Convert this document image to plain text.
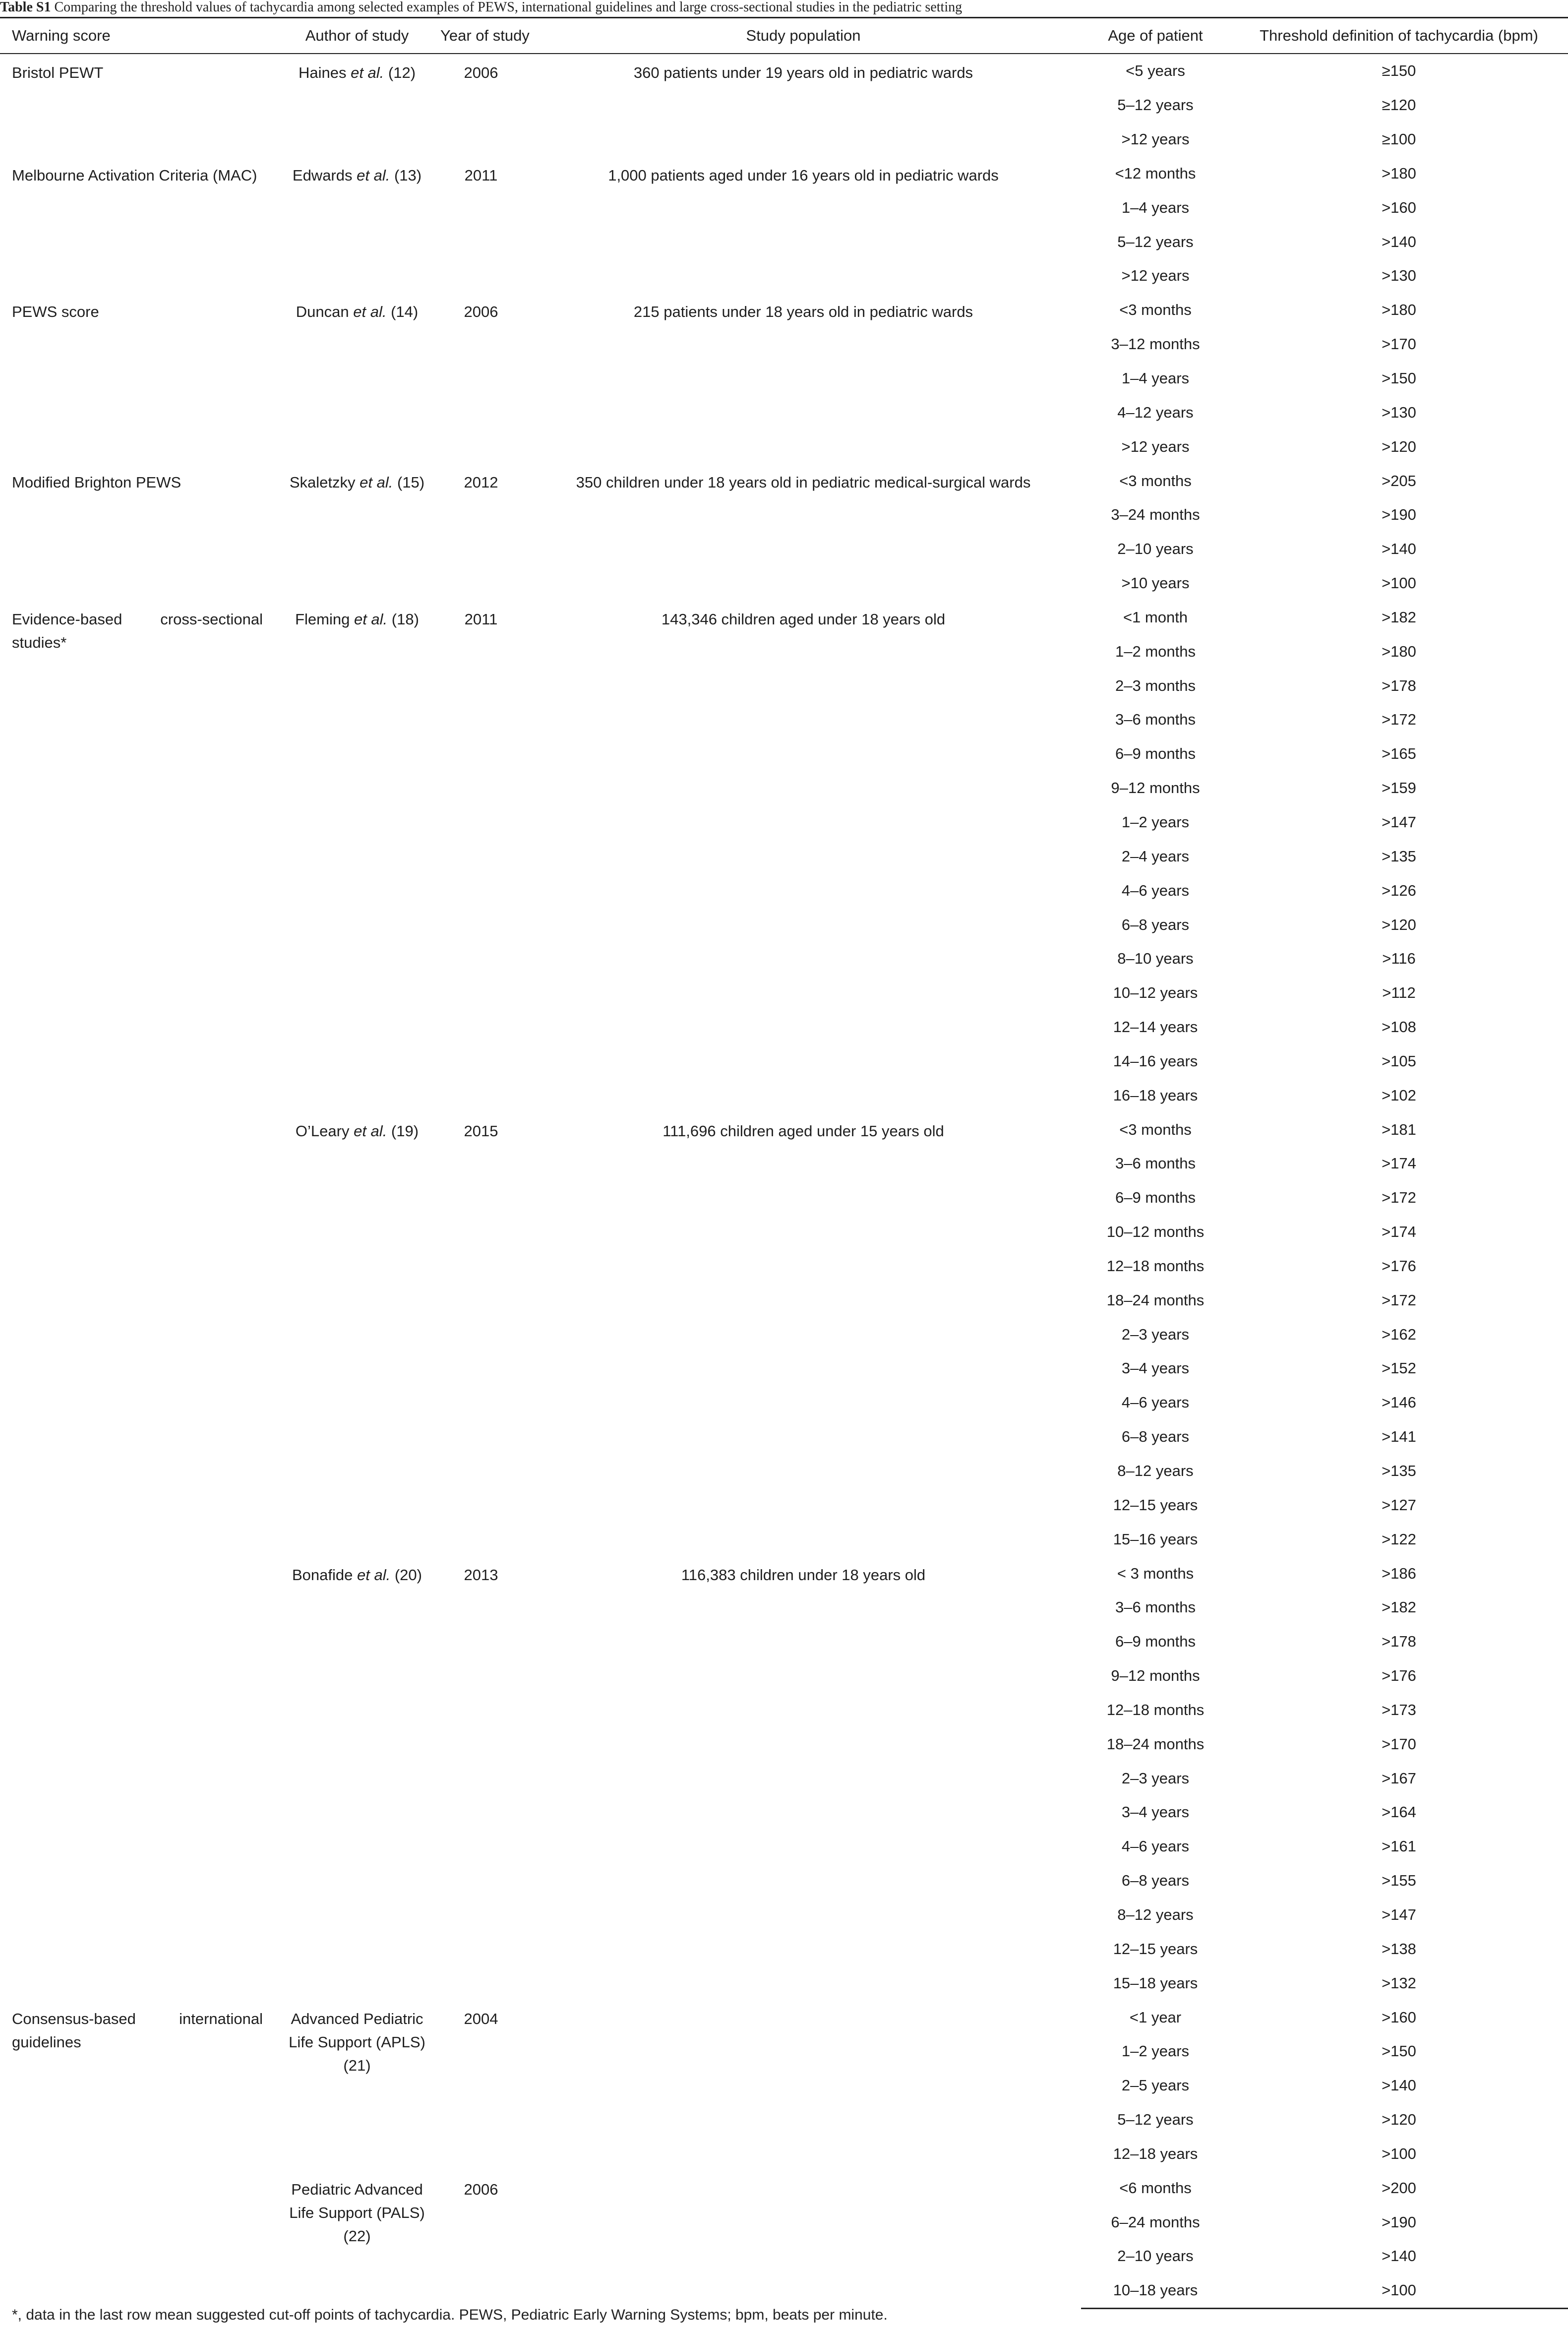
Table S1 Comparing the threshold values of tachycardia among selected examples of PEWS, international guidelines and large cross-sectional studies in the pediatric setting
Warning score	Author of study	Year of study	Study population	Age of patient	Threshold definition of tachycardia (bpm)
Bristol PEWT	Haines et al. (12)	2006	360 patients under 19 years old in pediatric wards	<5 years	≥150
				5–12 years	≥120
				>12 years	≥100
Melbourne Activation Criteria (MAC)	Edwards et al. (13)	2011	1,000 patients aged under 16 years old in pediatric wards	<12 months	>180
				1–4 years	>160
				5–12 years	>140
				>12 years	>130
PEWS score	Duncan et al. (14)	2006	215 patients under 18 years old in pediatric wards	<3 months	>180
				3–12 months	>170
				1–4 years	>150
				4–12 years	>130
				>12 years	>120
Modified Brighton PEWS	Skaletzky et al. (15)	2012	350 children under 18 years old in pediatric medical-surgical wards	<3 months	>205
				3–24 months	>190
				2–10 years	>140
				>10 years	>100
Evidence-based cross-sectional studies*	Fleming et al. (18)	2011	143,346 children aged under 18 years old	<1 month	>182
				1–2 months	>180
				2–3 months	>178
				3–6 months	>172
				6–9 months	>165
				9–12 months	>159
				1–2 years	>147
				2–4 years	>135
				4–6 years	>126
				6–8 years	>120
				8–10 years	>116
				10–12 years	>112
				12–14 years	>108
				14–16 years	>105
				16–18 years	>102
	O’Leary et al. (19)	2015	111,696 children aged under 15 years old	<3 months	>181
				3–6 months	>174
				6–9 months	>172
				10–12 months	>174
				12–18 months	>176
				18–24 months	>172
				2–3 years	>162
				3–4 years	>152
				4–6 years	>146
				6–8 years	>141
				8–12 years	>135
				12–15 years	>127
				15–16 years	>122
	Bonafide et al. (20)	2013	116,383 children under 18 years old	< 3 months	>186
				3–6 months	>182
				6–9 months	>178
				9–12 months	>176
				12–18 months	>173
				18–24 months	>170
				2–3 years	>167
				3–4 years	>164
				4–6 years	>161
				6–8 years	>155
				8–12 years	>147
				12–15 years	>138
				15–18 years	>132
Consensus-based international guidelines	Advanced Pediatric Life Support (APLS) (21)	2004		<1 year	>160
				1–2 years	>150
				2–5 years	>140
				5–12 years	>120
				12–18 years	>100
	Pediatric Advanced Life Support (PALS) (22)	2006		<6 months	>200
				6–24 months	>190
				2–10 years	>140
				10–18 years	>100
*, data in the last row mean suggested cut-off points of tachycardia. PEWS, Pediatric Early Warning Systems; bpm, beats per minute.
